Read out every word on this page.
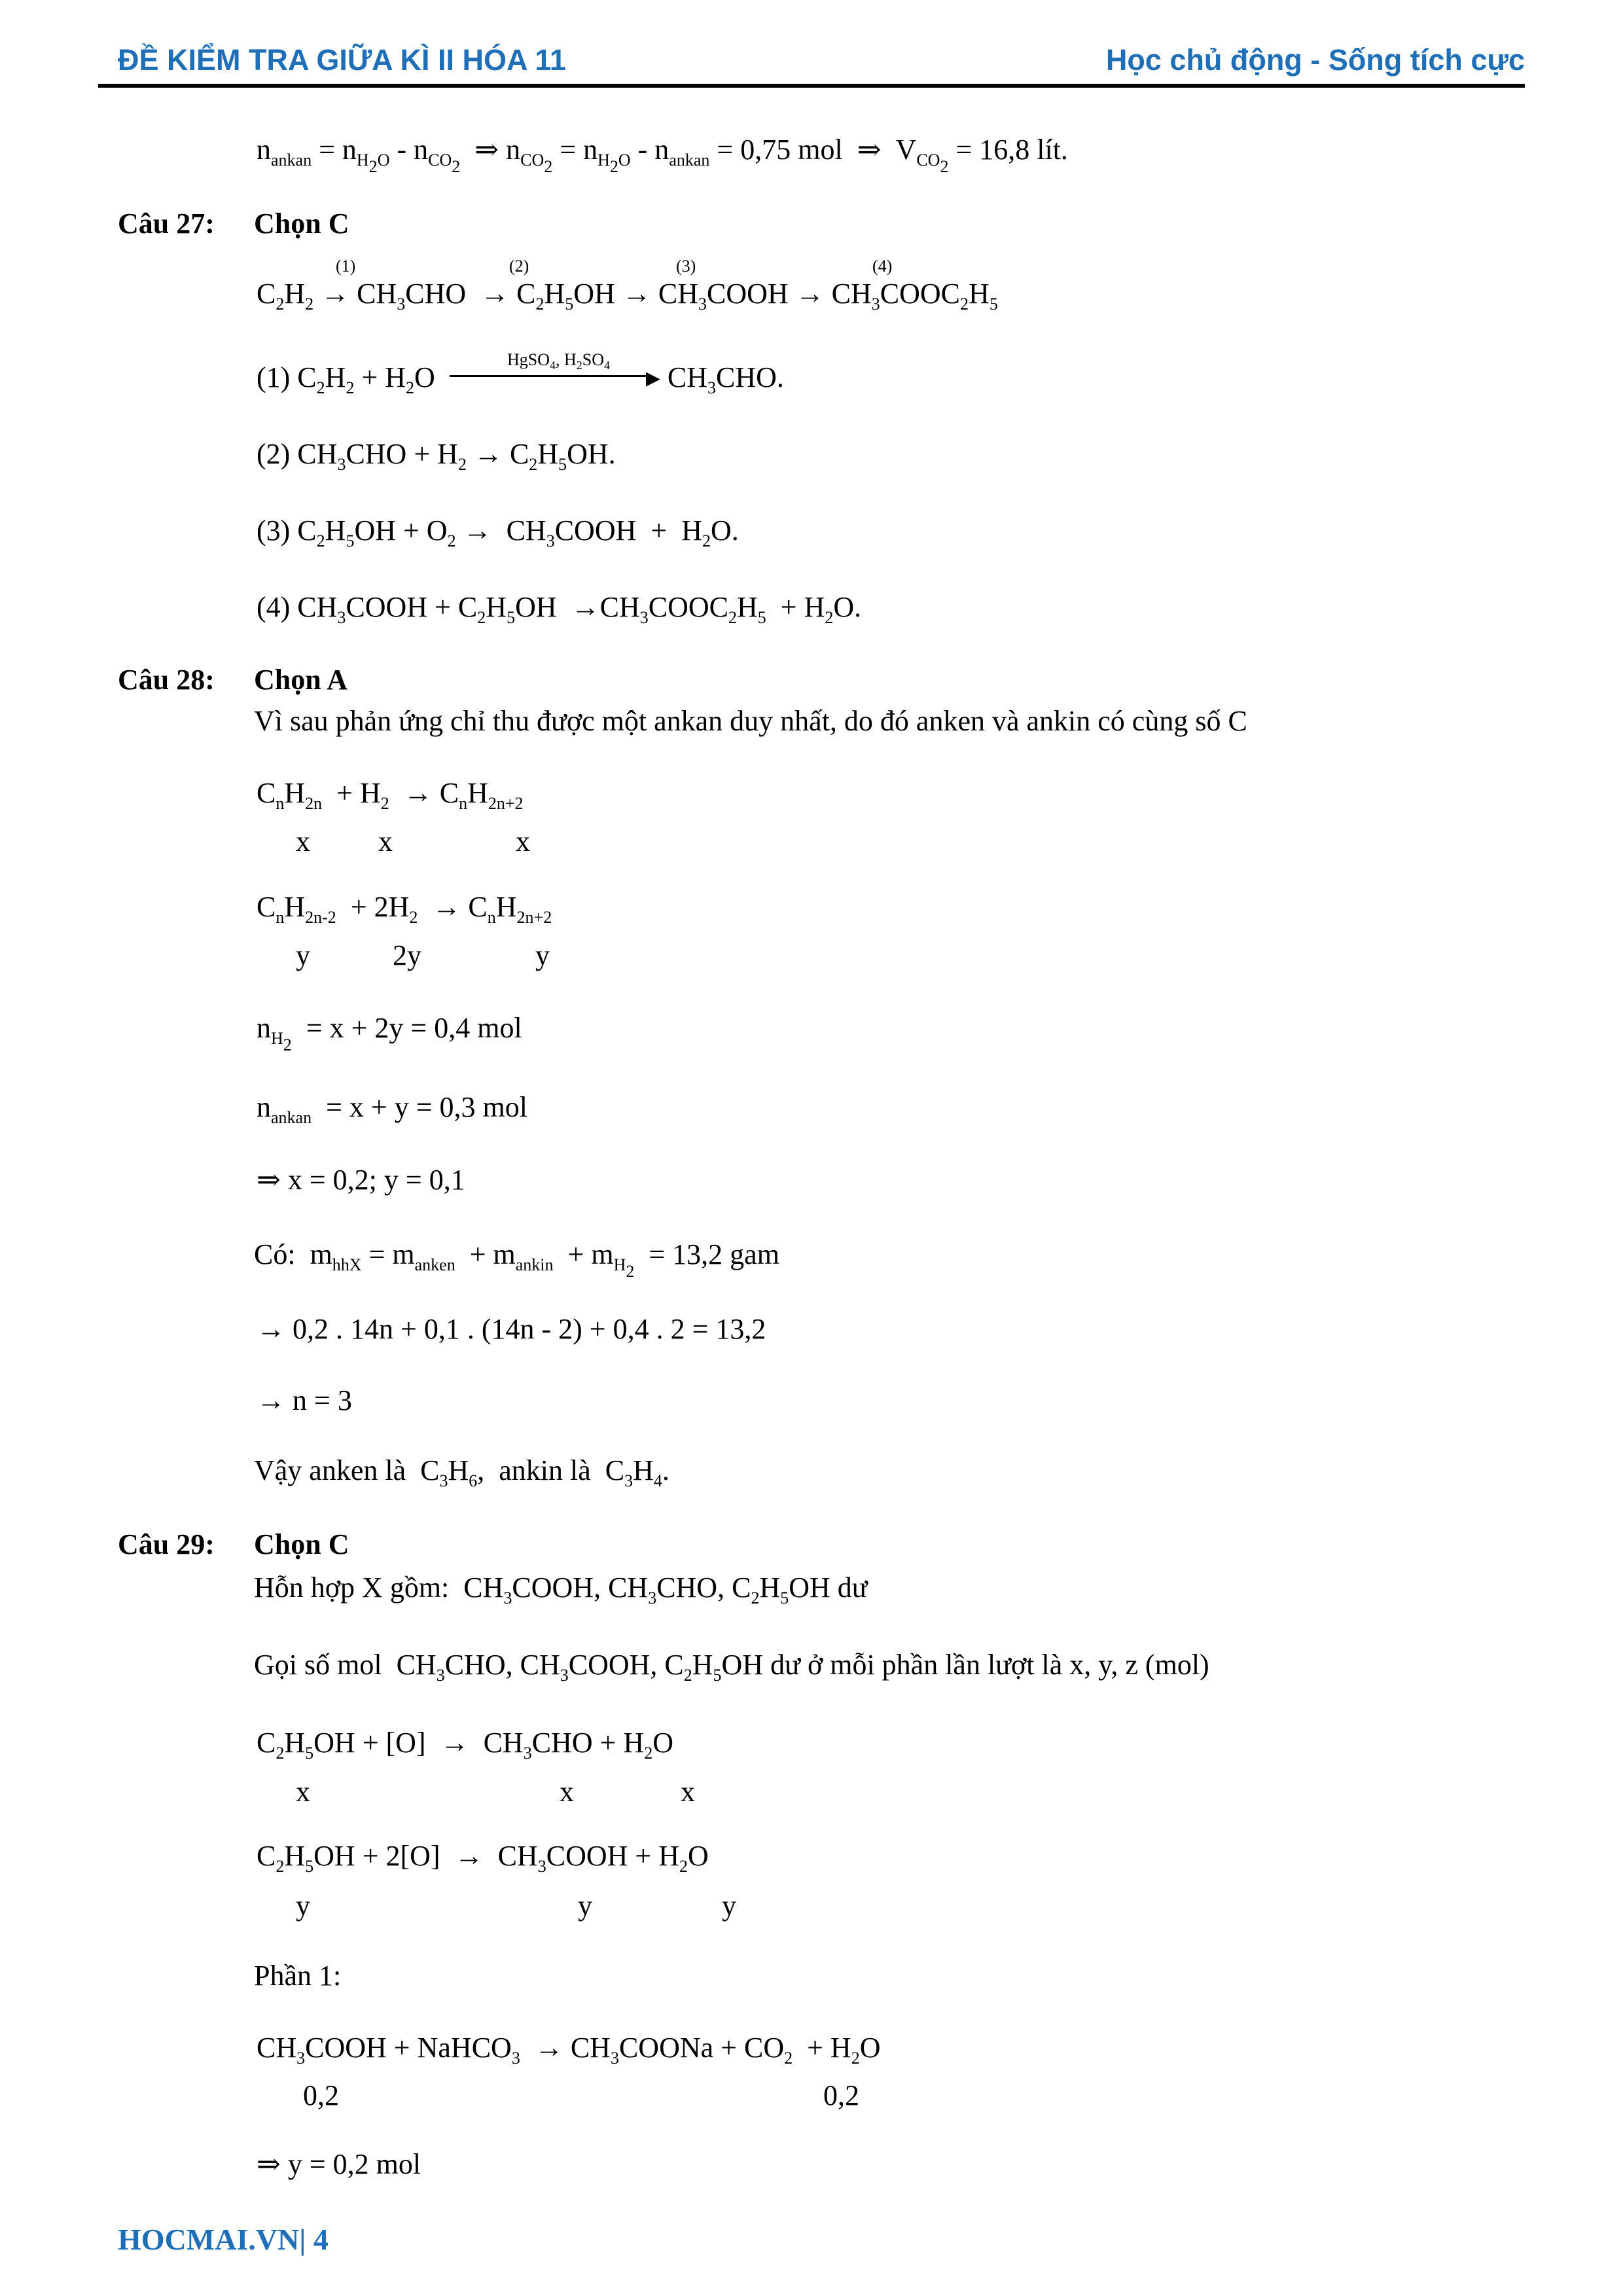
ĐỀ KIỂM TRA GIỮA KÌ II HÓA 11	Học chủ động - Sống tích cực
$n_{ankan} = n_{H_2O} - n_{CO_2}$  ⇒ $n_{CO_2} = n_{H_2O} - n_{ankan} = 0,75$ mol  ⇒  $V_{CO_2} = 16,8$ lít.
Câu 27: Chọn C
(1)	(2)	(3)	(4)
$C_2H_2 \to CH_3CHO \to C_2H_5OH$ → $CH_3COOH$ → $CH_3COOC_2H_5$
HgSO$_4$, $H_2SO_4$
(1) $C_2H_2 + H_2O$	▸ $CH_3CHO$.
(2) $CH_3CHO + H_2 \to C_2H_5OH$.
(3) $C_2H_5OH + O_2$ →  $CH_3COOH + H_2O$.
(4) $CH_3COOH + C_2H_5OH$  $\to CH_3COOC_2H_5 + H_2O$.
Câu 28: Chọn A
Vì sau phản ứng chỉ thu được một ankan duy nhất, do đó anken và ankin có cùng số C
$C_nH_{2n} + H_2 \to C_nH_{2n+2}$
x x	x
$C_nH_{2n-2} + 2H_2 \to C_nH_{2n+2}$
y	2y	y
$n_{H_2} = x + 2y = 0,4$ mol
$n_{ankan} = x + y = 0,3$ mol
⇒ x = 0,2; y = 0,1
Có:  $m_{hhX} = m_{anken} + m_{ankin} + m_{H_2} = 13,2$ gam
→ 0,2 . 14n + 0,1 . (14n - 2) + 0,4 . 2 = 13,2
→ n = 3
Vậy anken là  $C_3H_6$,  ankin là  $C_3H_4$.
Câu 29: Chọn C
Hỗn hợp X gồm:  $CH_3COOH$, $CH_3CHO$, $C_2H_5OH$ dư
Gọi số mol  $CH_3CHO$, $CH_3COOH$, $C_2H_5OH$ dư ở mỗi phần lần lượt là x, y, z (mol)
$C_2H_5OH + [O] \to CH_3CHO + H_2O$
x	x	x
$C_2H_5OH + 2[O]$  →  $CH_3COOH + H_2O$
y	y	y
Phần 1:
$CH_3COOH$ + NaHCO$_3$  → $CH_3COONa + CO_2 + H_2O$
0,2	0,2
⇒ y = 0,2 mol
HOCMAI.VN| 4
